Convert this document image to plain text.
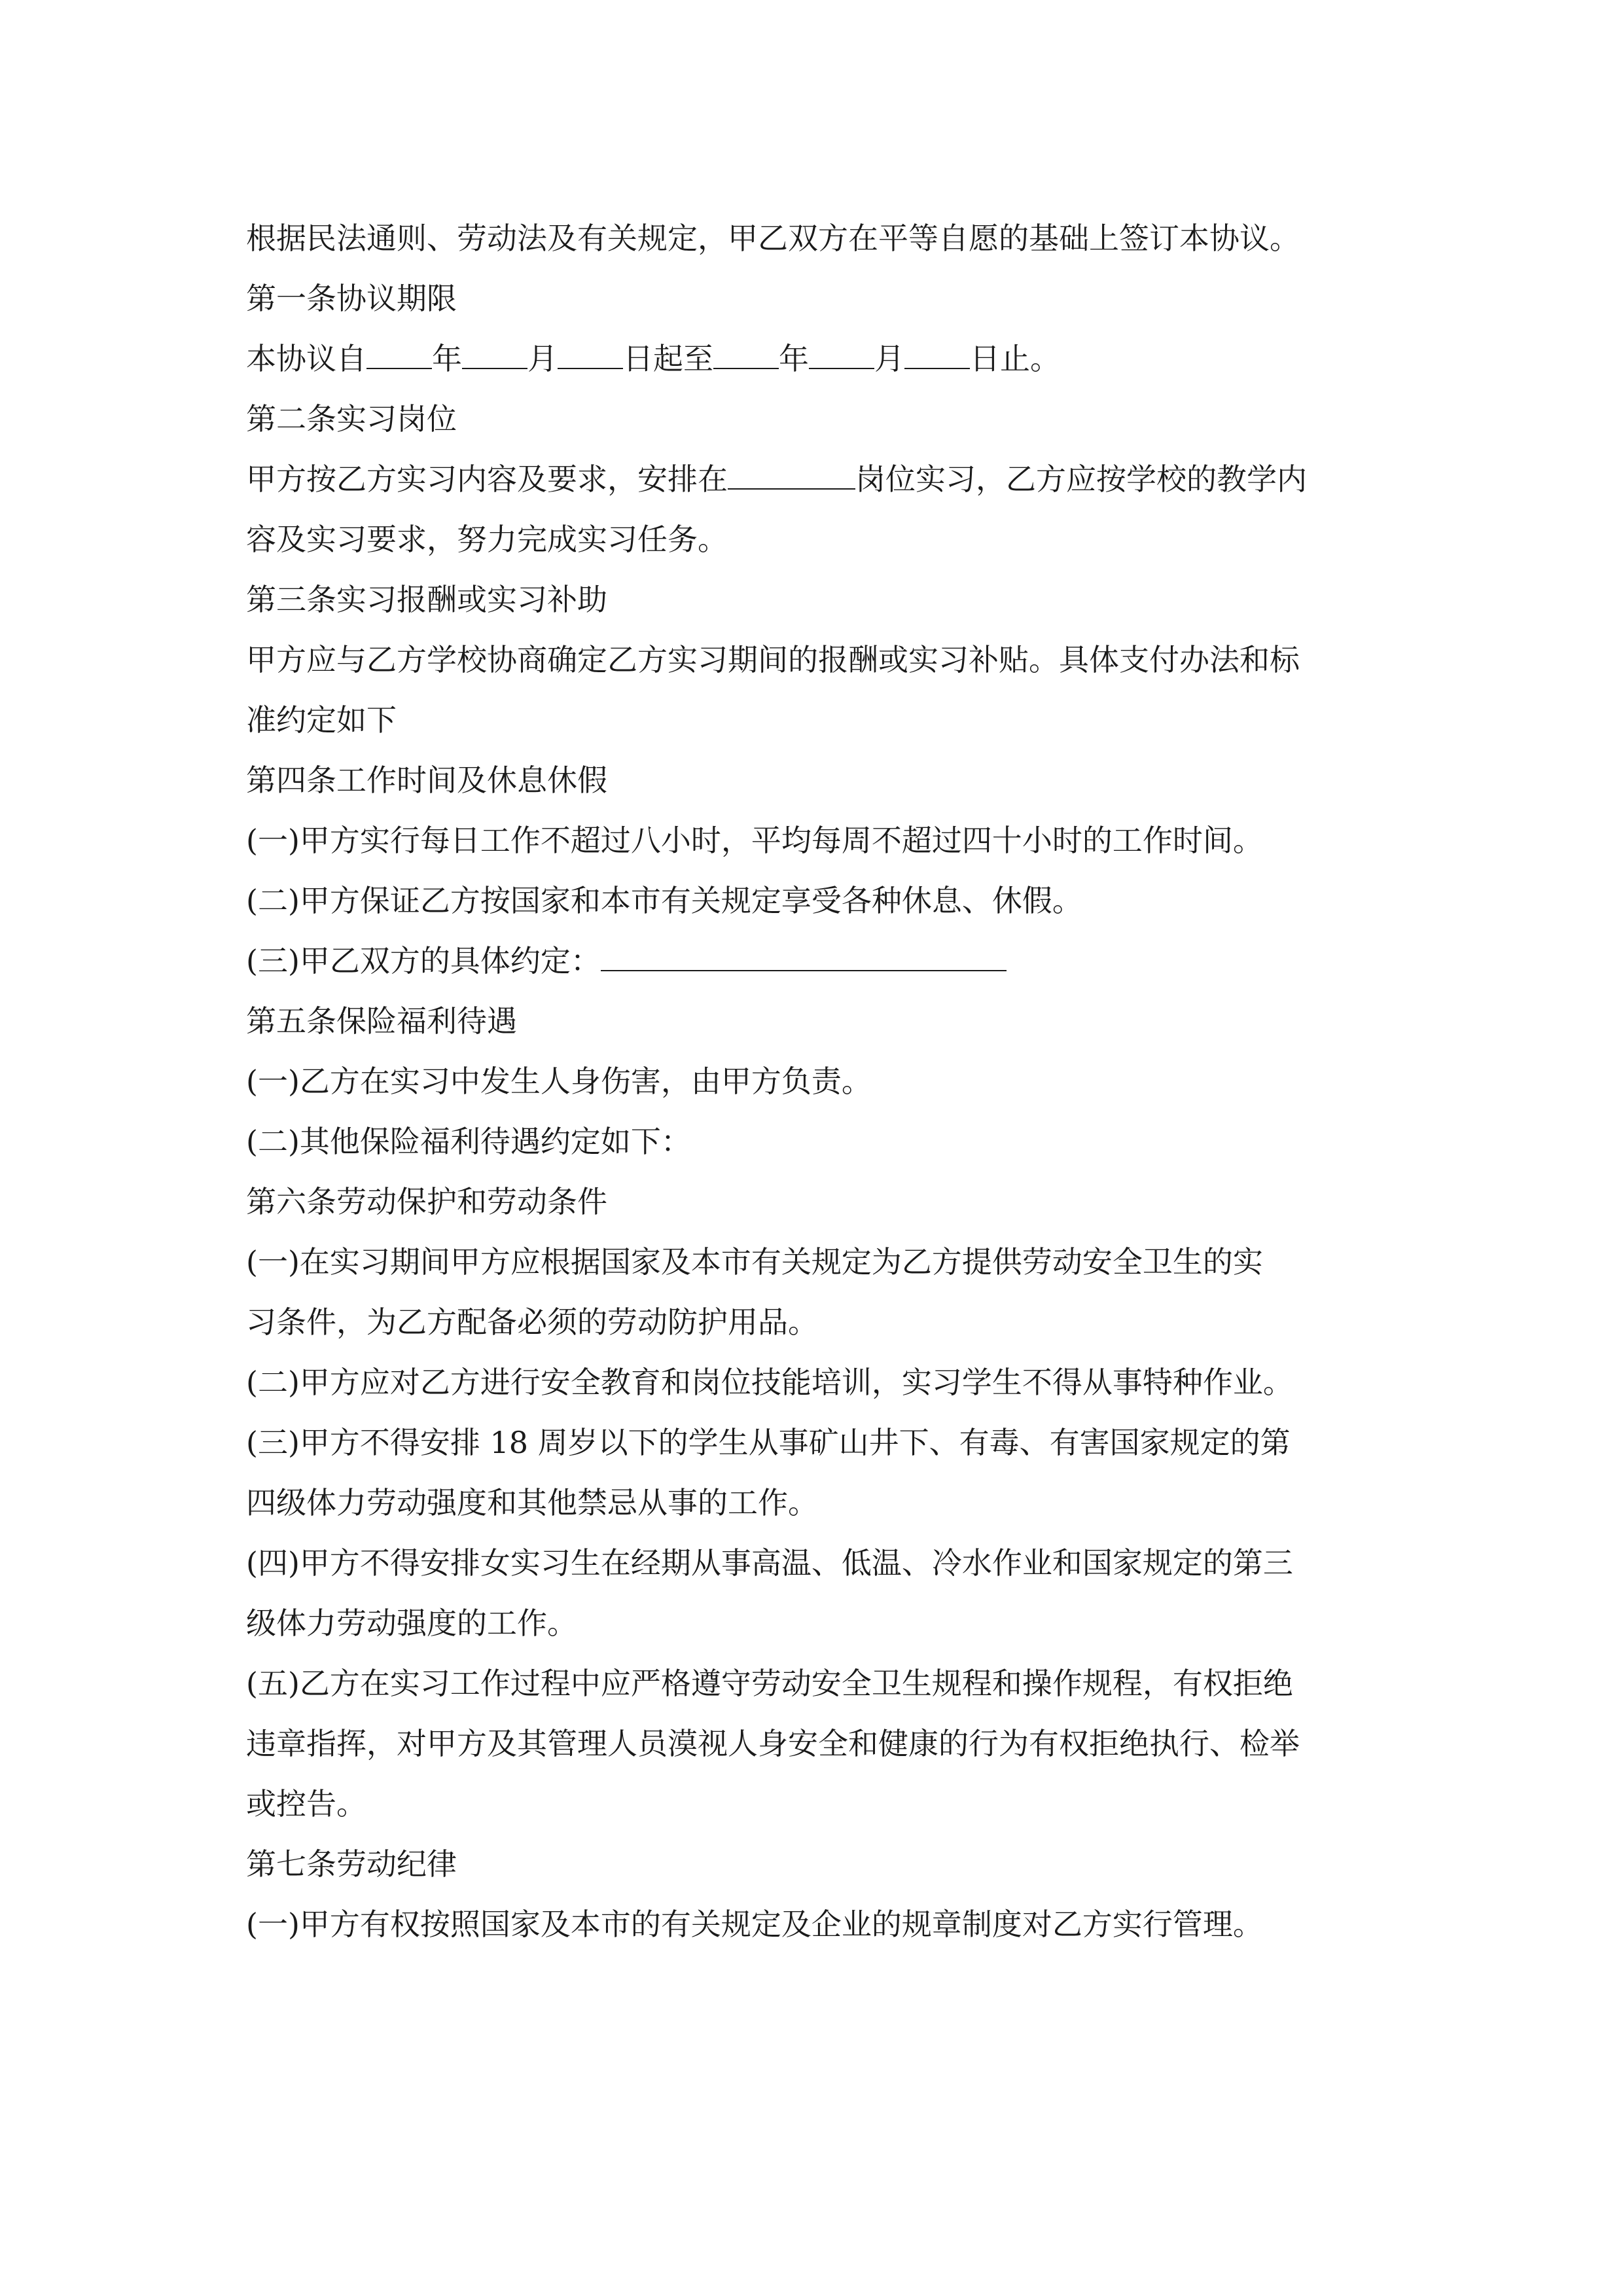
根据民法通则、劳动法及有关规定，甲乙双方在平等自愿的基础上签订本协议。
第一条协议期限
本协议自 年 月 日起至 年 月 日止。
第二条实习岗位
甲方按乙方实习内容及要求，安排在	岗位实习，乙方应按学校的教学内
容及实习要求，努力完成实习任务。
第三条实习报酬或实习补助
甲方应与乙方学校协商确定乙方实习期间的报酬或实习补贴。具体支付办法和标
准约定如下
第四条工作时间及休息休假
(一)甲方实行每日工作不超过八小时，平均每周不超过四十小时的工作时间。
(二)甲方保证乙方按国家和本市有关规定享受各种休息、休假。
(三)甲乙双方的具体约定：
第五条保险福利待遇
(一)乙方在实习中发生人身伤害，由甲方负责。
(二)其他保险福利待遇约定如下：
第六条劳动保护和劳动条件
(一)在实习期间甲方应根据国家及本市有关规定为乙方提供劳动安全卫生的实
习条件，为乙方配备必须的劳动防护用品。
(二)甲方应对乙方进行安全教育和岗位技能培训，实习学生不得从事特种作业。
(三)甲方不得安排 18 周岁以下的学生从事矿山井下、有毒、有害国家规定的第
四级体力劳动强度和其他禁忌从事的工作。
(四)甲方不得安排女实习生在经期从事高温、低温、冷水作业和国家规定的第三
级体力劳动强度的工作。
(五)乙方在实习工作过程中应严格遵守劳动安全卫生规程和操作规程，有权拒绝
违章指挥，对甲方及其管理人员漠视人身安全和健康的行为有权拒绝执行、检举
或控告。
第七条劳动纪律
(一)甲方有权按照国家及本市的有关规定及企业的规章制度对乙方实行管理。
